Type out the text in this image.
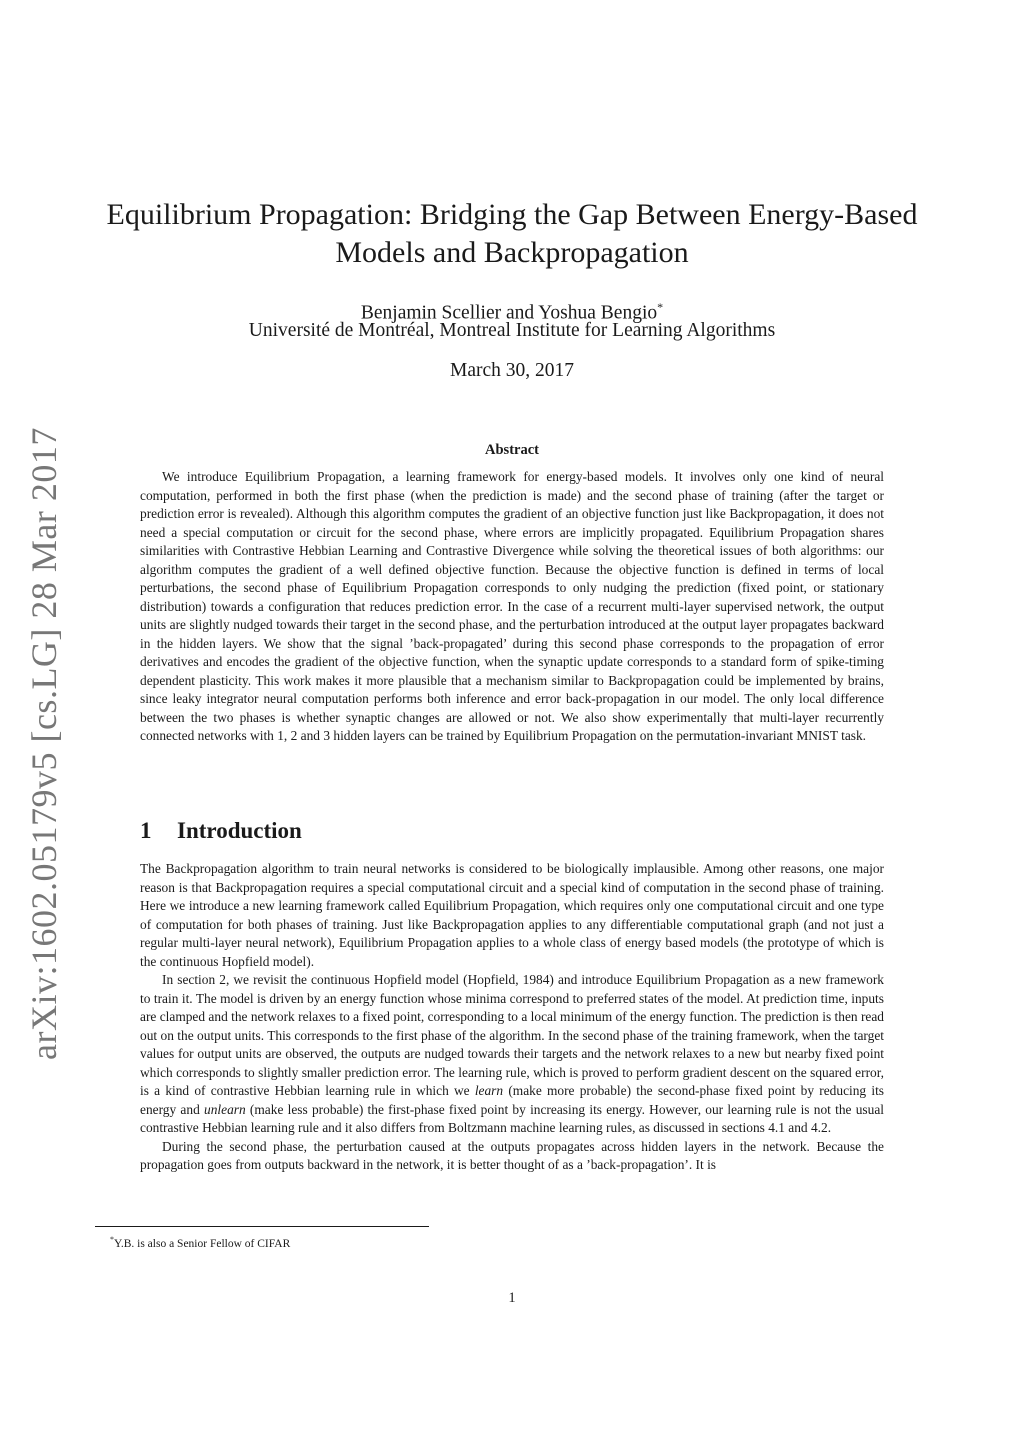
arXiv:1602.05179v5 [cs.LG] 28 Mar 2017
Equilibrium Propagation: Bridging the Gap Between Energy-Based
Models and Backpropagation
Benjamin Scellier and Yoshua Bengio*
Université de Montréal, Montreal Institute for Learning Algorithms
March 30, 2017
Abstract

We introduce Equilibrium Propagation, a learning framework for energy-based models. It involves only one kind of neural computation, performed in both the first phase (when the prediction is made) and the second phase of training (after the target or prediction error is revealed). Although this algorithm computes the gradient of an objective function just like Backpropagation, it does not need a special computation or circuit for the second phase, where errors are implicitly propagated. Equilibrium Propagation shares similarities with Contrastive Hebbian Learning and Contrastive Divergence while solving the theoretical issues of both algorithms: our algorithm computes the gradient of a well defined objective function. Because the objective function is defined in terms of local perturbations, the second phase of Equilibrium Propagation corresponds to only nudging the prediction (fixed point, or stationary distribution) towards a configuration that reduces prediction error. In the case of a recurrent multi-layer supervised network, the output units are slightly nudged towards their target in the second phase, and the perturbation introduced at the output layer propagates backward in the hidden layers. We show that the signal ’back-propagated’ during this second phase corresponds to the propagation of error derivatives and encodes the gradient of the objective function, when the synaptic update corresponds to a standard form of spike-timing dependent plasticity. This work makes it more plausible that a mechanism similar to Backpropagation could be implemented by brains, since leaky integrator neural computation performs both inference and error back-propagation in our model. The only local difference between the two phases is whether synaptic changes are allowed or not. We also show experimentally that multi-layer recurrently connected networks with 1, 2 and 3 hidden layers can be trained by Equilibrium Propagation on the permutation-invariant MNIST task.

1 Introduction

The Backpropagation algorithm to train neural networks is considered to be biologically implausible. Among other reasons, one major reason is that Backpropagation requires a special computational circuit and a special kind of computation in the second phase of training. Here we introduce a new learning framework called Equilibrium Propagation, which requires only one computational circuit and one type of computation for both phases of training. Just like Backpropagation applies to any differentiable computational graph (and not just a regular multi-layer neural network), Equilibrium Propagation applies to a whole class of energy based models (the prototype of which is the continuous Hopfield model).

In section 2, we revisit the continuous Hopfield model (Hopfield, 1984) and introduce Equilibrium Propagation as a new framework to train it. The model is driven by an energy function whose minima correspond to preferred states of the model. At prediction time, inputs are clamped and the network relaxes to a fixed point, corresponding to a local minimum of the energy function. The prediction is then read out on the output units. This corresponds to the first phase of the algorithm. In the second phase of the training framework, when the target values for output units are observed, the outputs are nudged towards their targets and the network relaxes to a new but nearby fixed point which corresponds to slightly smaller prediction error. The learning rule, which is proved to perform gradient descent on the squared error, is a kind of contrastive Hebbian learning rule in which we learn (make more probable) the second-phase fixed point by reducing its energy and unlearn (make less probable) the first-phase fixed point by increasing its energy. However, our learning rule is not the usual contrastive Hebbian learning rule and it also differs from Boltzmann machine learning rules, as discussed in sections 4.1 and 4.2.

During the second phase, the perturbation caused at the outputs propagates across hidden layers in the network. Because the propagation goes from outputs backward in the network, it is better thought of as a ’back-propagation’. It is

*Y.B. is also a Senior Fellow of CIFAR
1
